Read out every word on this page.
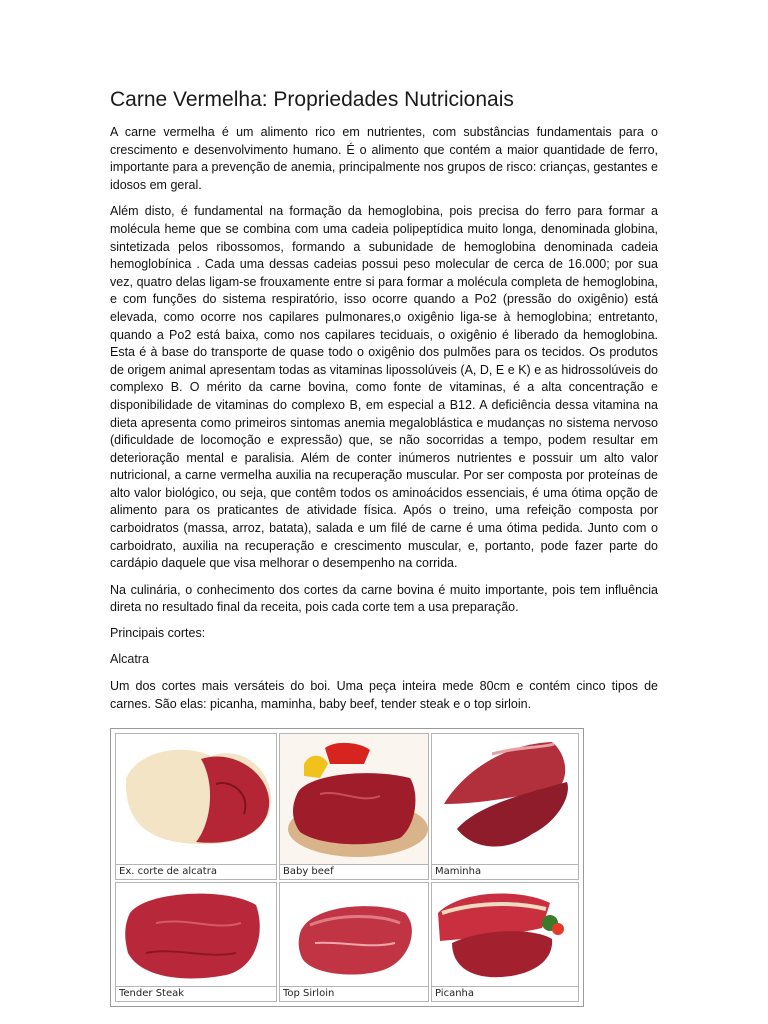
Carne Vermelha: Propriedades Nutricionais

A carne vermelha é um alimento rico em nutrientes, com substâncias fundamentais para o crescimento e desenvolvimento humano. É o alimento que contém a maior quantidade de ferro, importante para a prevenção de anemia, principalmente nos grupos de risco: crianças, gestantes e idosos em geral.

Além disto, é fundamental na formação da hemoglobina, pois precisa do ferro para formar a molécula heme que se combina com uma cadeia polipeptídica muito longa, denominada globina, sintetizada pelos ribossomos, formando a subunidade de hemoglobina denominada cadeia hemoglobínica . Cada uma dessas cadeias possui peso molecular de cerca de 16.000; por sua vez, quatro delas ligam-se frouxamente entre si para formar a molécula completa de hemoglobina, e com funções do sistema respiratório, isso ocorre quando a Po2 (pressão do oxigênio) está elevada, como ocorre nos capilares pulmonares,o oxigênio liga-se à hemoglobina; entretanto, quando a Po2 está baixa, como nos capilares teciduais, o oxigênio é liberado da hemoglobina. Esta é à base do transporte de quase todo o oxigênio dos pulmões para os tecidos. Os produtos de origem animal apresentam todas as vitaminas lipossolúveis (A, D, E e K) e as hidrossolúveis do complexo B. O mérito da carne bovina, como fonte de vitaminas, é a alta concentração e disponibilidade de vitaminas do complexo B, em especial a B12. A deficiência dessa vitamina na dieta apresenta como primeiros sintomas anemia megaloblástica e mudanças no sistema nervoso (dificuldade de locomoção e expressão) que, se não socorridas a tempo, podem resultar em deterioração mental e paralisia. Além de conter inúmeros nutrientes e possuir um alto valor nutricional, a carne vermelha auxilia na recuperação muscular. Por ser composta por proteínas de alto valor biológico, ou seja, que contêm todos os aminoácidos essenciais, é uma ótima opção de alimento para os praticantes de atividade física. Após o treino, uma refeição composta por carboidratos (massa, arroz, batata), salada e um filé de carne é uma ótima pedida. Junto com o carboidrato, auxilia na recuperação e crescimento muscular, e, portanto, pode fazer parte do cardápio daquele que visa melhorar o desempenho na corrida.

Na culinária, o conhecimento dos cortes da carne bovina é muito importante, pois tem influência direta no resultado final da receita, pois cada corte tem a usa preparação.

Principais cortes:
Alcatra

Um dos cortes mais versáteis do boi. Uma peça inteira mede 80cm e contém cinco tipos de carnes. São elas: picanha, maminha, baby beef, tender steak e o top sirloin.

Ex. corte de alcatra	Baby beef	Maminha
Tender Steak	Top Sirloin	Picanha
